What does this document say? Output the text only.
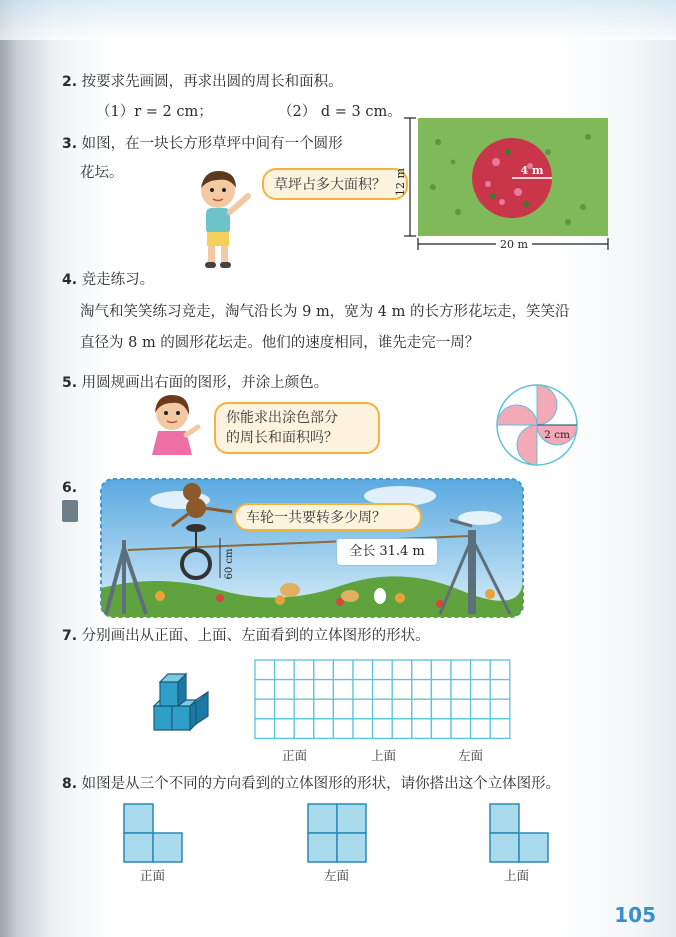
2. 按要求先画圆，再求出圆的周长和面积。
（1）r = 2 cm；	（2） d = 3 cm。
3. 如图，在一块长方形草坪中间有一个圆形
花坛。
草坪占多大面积？
4 m
12 m
20 m
4. 竞走练习。
淘气和笑笑练习竞走，淘气沿长为 9 m，宽为 4 m 的长方形花坛走，笑笑沿
直径为 8 m 的圆形花坛走。他们的速度相同，谁先走完一周？
5. 用圆规画出右面的图形，并涂上颜色。
你能求出涂色部分
的周长和面积吗？	2 cm
6.
60 cm
车轮一共要转多少周？
全长 31.4 m
7. 分别画出从正面、上面、左面看到的立体图形的形状。
正面	上面	左面
8. 如图是从三个不同的方向看到的立体图形的形状，请你搭出这个立体图形。
正面	左面	上面
105
